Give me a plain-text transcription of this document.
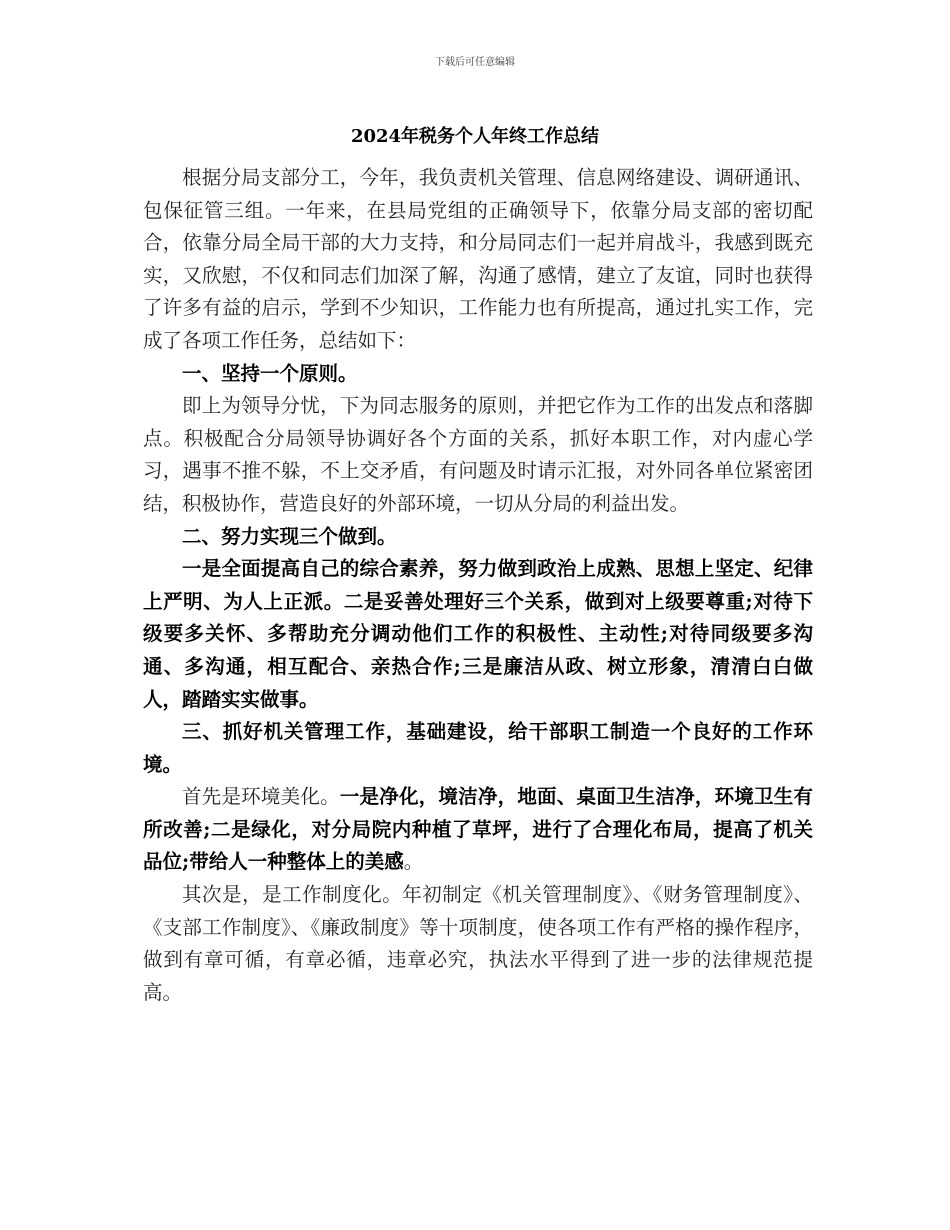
下载后可任意编辑
2024年税务个人年终工作总结

根据分局支部分工，今年，我负责机关管理、信息网络建设、调研通讯、包保征管三组。一年来，在县局党组的正确领导下，依靠分局支部的密切配合，依靠分局全局干部的大力支持，和分局同志们一起并肩战斗，我感到既充实，又欣慰，不仅和同志们加深了解，沟通了感情，建立了友谊，同时也获得了许多有益的启示，学到不少知识，工作能力也有所提高，通过扎实工作，完成了各项工作任务，总结如下：

一、坚持一个原则。

即上为领导分忧，下为同志服务的原则，并把它作为工作的出发点和落脚点。积极配合分局领导协调好各个方面的关系，抓好本职工作，对内虚心学习，遇事不推不躲，不上交矛盾，有问题及时请示汇报，对外同各单位紧密团结，积极协作，营造良好的外部环境，一切从分局的利益出发。

二、努力实现三个做到。

一是全面提高自己的综合素养，努力做到政治上成熟、思想上坚定、纪律上严明、为人上正派。二是妥善处理好三个关系，做到对上级要尊重;对待下级要多关怀、多帮助充分调动他们工作的积极性、主动性;对待同级要多沟通、多沟通，相互配合、亲热合作;三是廉洁从政、树立形象，清清白白做人，踏踏实实做事。

三、抓好机关管理工作，基础建设，给干部职工制造一个良好的工作环境。

首先是环境美化。一是净化，境洁净，地面、桌面卫生洁净，环境卫生有所改善;二是绿化，对分局院内种植了草坪，进行了合理化布局，提高了机关品位;带给人一种整体上的美感。

其次是，是工作制度化。年初制定《机关管理制度》、《财务管理制度》、《支部工作制度》、《廉政制度》等十项制度，使各项工作有严格的操作程序，做到有章可循，有章必循，违章必究，执法水平得到了进一步的法律规范提高。
